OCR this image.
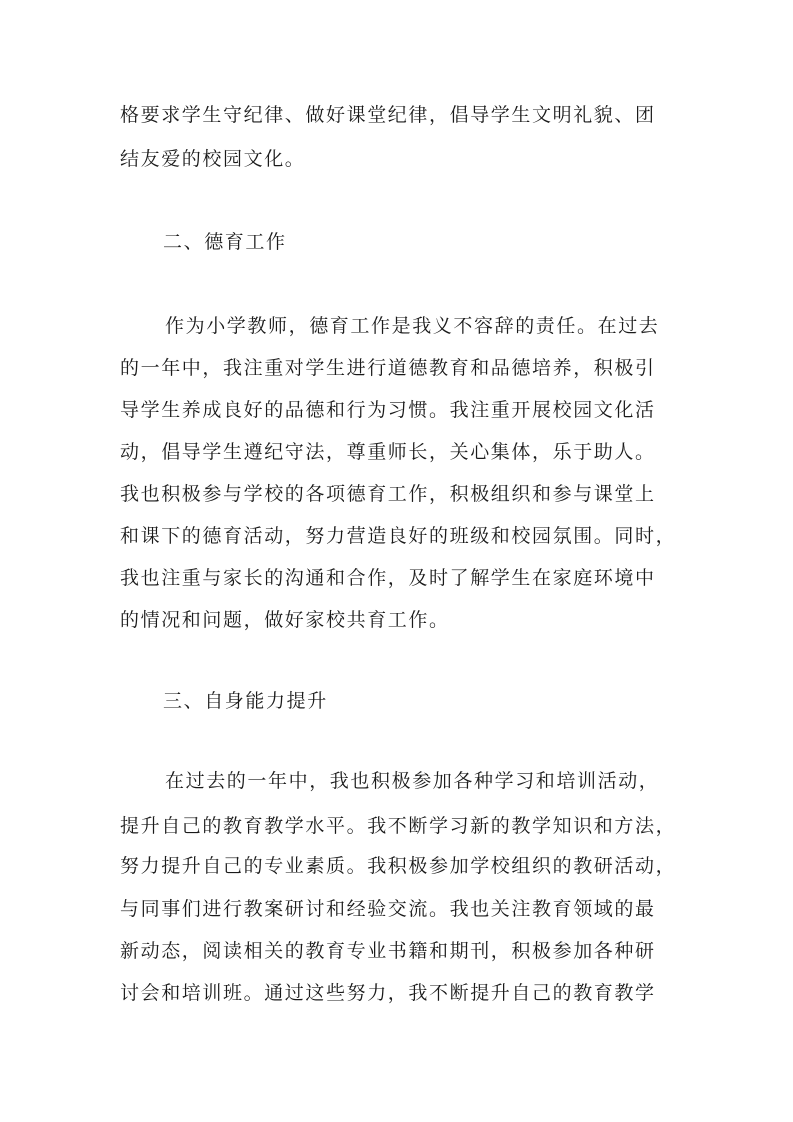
格要求学生守纪律、做好课堂纪律，倡导学生文明礼貌、团
结友爱的校园文化。
二、德育工作
作为小学教师，德育工作是我义不容辞的责任。在过去
的一年中，我注重对学生进行道德教育和品德培养，积极引
导学生养成良好的品德和行为习惯。我注重开展校园文化活
动，倡导学生遵纪守法，尊重师长，关心集体，乐于助人。
我也积极参与学校的各项德育工作，积极组织和参与课堂上
和课下的德育活动，努力营造良好的班级和校园氛围。同时，
我也注重与家长的沟通和合作，及时了解学生在家庭环境中
的情况和问题，做好家校共育工作。
三、自身能力提升
在过去的一年中，我也积极参加各种学习和培训活动，
提升自己的教育教学水平。我不断学习新的教学知识和方法，
努力提升自己的专业素质。我积极参加学校组织的教研活动，
与同事们进行教案研讨和经验交流。我也关注教育领域的最
新动态，阅读相关的教育专业书籍和期刊，积极参加各种研
讨会和培训班。通过这些努力，我不断提升自己的教育教学
